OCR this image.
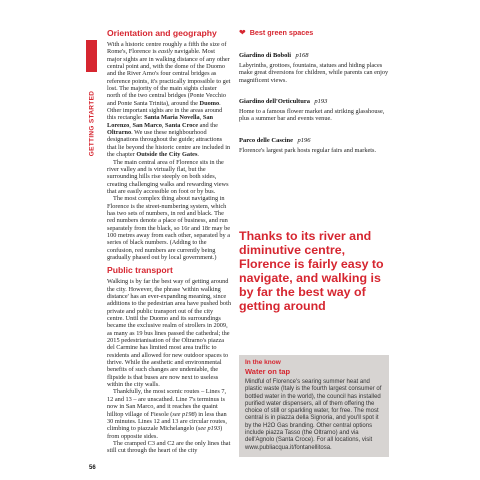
GETTING STARTED
Orientation and geography

With a historic centre roughly a fifth the size of Rome's, Florence is easily navigable. Most major sights are in walking distance of any other central point and, with the dome of the Duomo and the River Arno's four central bridges as reference points, it's practically impossible to get lost. The majority of the main sights cluster north of the two central bridges (Ponte Vecchio and Ponte Santa Trinita), around the Duomo. Other important sights are in the areas around this rectangle: Santa Maria Novella, San Lorenzo, San Marco, Santa Croce and the Oltrarno. We use these neighbourhood designations throughout the guide; attractions that lie beyond the historic centre are included in the chapter Outside the City Gates.

The main central area of Florence sits in the river valley and is virtually flat, but the surrounding hills rise steeply on both sides, creating challenging walks and rewarding views that are easily accessible on foot or by bus.

The most complex thing about navigating in Florence is the street-numbering system, which has two sets of numbers, in red and black. The red numbers denote a place of business, and run separately from the black, so 16r and 18r may be 100 metres away from each other, separated by a series of black numbers. (Adding to the confusion, red numbers are currently being gradually phased out by local government.)

Public transport

Walking is by far the best way of getting around the city. However, the phrase 'within walking distance' has an ever-expanding meaning, since additions to the pedestrian area have pushed both private and public transport out of the city centre. Until the Duomo and its surroundings became the exclusive realm of strollers in 2009, as many as 19 bus lines passed the cathedral; the 2015 pedestrianisation of the Oltrarno's piazza del Carmine has limited most area traffic to residents and allowed for new outdoor spaces to thrive. While the aesthetic and environmental benefits of such changes are undeniable, the flipside is that buses are now next to useless within the city walls.

Thankfully, the most scenic routes – Lines 7, 12 and 13 – are unscathed. Line 7's terminus is now in San Marco, and it reaches the quaint hilltop village of Fiesole (see p198) in less than 30 minutes. Lines 12 and 13 are circular routes, climbing to piazzale Michelangelo (see p193) from opposite sides.

The cramped C3 and C2 are the only lines that still cut through the heart of the city

❤ Best green spaces
Giardino di Boboli p168

Labyrinths, grottoes, fountains, statues and hiding places make great diversions for children, while parents can enjoy magnificent views.

Giardino dell'Orticultura p193

Home to a famous flower market and striking glasshouse, plus a summer bar and events venue.

Parco delle Cascine p196

Florence's largest park hosts regular fairs and markets.

Thanks to its river and diminutive centre, Florence is fairly easy to navigate, and walking is by far the best way of getting around
In the know
Water on tap
Mindful of Florence's searing summer heat and plastic waste (Italy is the fourth largest consumer of bottled water in the world), the council has installed purified water dispensers, all of them offering the choice of still or sparkling water, for free. The most central is in piazza della Signoria, and you'll spot it by the H2O Gas branding. Other central options include piazza Tasso (the Oltrarno) and via dell'Agnolo (Santa Croce). For all locations, visit www.publiacqua.it/fontanellitosa.
56
